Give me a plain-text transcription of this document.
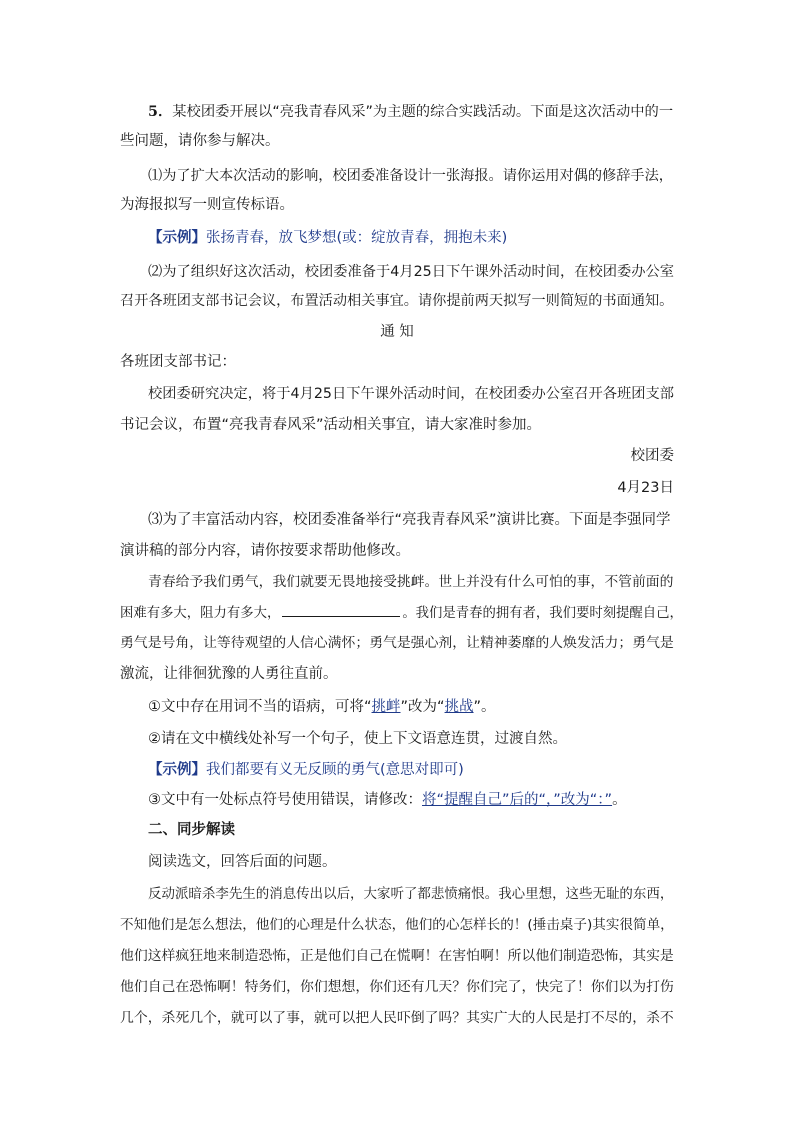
5．某校团委开展以“亮我青春风采”为主题的综合实践活动。下面是这次活动中的一
些问题，请你参与解决。
⑴为了扩大本次活动的影响，校团委准备设计一张海报。请你运用对偶的修辞手法，
为海报拟写一则宣传标语。
【示例】张扬青春，放飞梦想(或：绽放青春，拥抱未来)
⑵为了组织好这次活动，校团委准备于4月25日下午课外活动时间，在校团委办公室
召开各班团支部书记会议，布置活动相关事宜。请你提前两天拟写一则简短的书面通知。
通 知
各班团支部书记：
校团委研究决定，将于4月25日下午课外活动时间，在校团委办公室召开各班团支部
书记会议，布置“亮我青春风采”活动相关事宜，请大家准时参加。
校团委
4月23日
⑶为了丰富活动内容，校团委准备举行“亮我青春风采”演讲比赛。下面是李强同学
演讲稿的部分内容，请你按要求帮助他修改。
青春给予我们勇气，我们就要无畏地接受挑衅。世上并没有什么可怕的事，不管前面的
困难有多大，阻力有多大，	。我们是青春的拥有者，我们要时刻提醒自己，
勇气是号角，让等待观望的人信心满怀；勇气是强心剂，让精神萎靡的人焕发活力；勇气是
激流，让徘徊犹豫的人勇往直前。
①文中存在用词不当的语病，可将“挑衅”改为“挑战”。
②请在文中横线处补写一个句子，使上下文语意连贯，过渡自然。
【示例】我们都要有义无反顾的勇气(意思对即可)
③文中有一处标点符号使用错误，请修改：将“提醒自己”后的“，”改为“：”。
二、同步解读
阅读选文，回答后面的问题。
反动派暗杀李先生的消息传出以后，大家听了都悲愤痛恨。我心里想，这些无耻的东西，
不知他们是怎么想法，他们的心理是什么状态，他们的心怎样长的！(捶击桌子)其实很简单，
他们这样疯狂地来制造恐怖，正是他们自己在慌啊！在害怕啊！所以他们制造恐怖，其实是
他们自己在恐怖啊！特务们，你们想想，你们还有几天？你们完了，快完了！你们以为打伤
几个，杀死几个，就可以了事，就可以把人民吓倒了吗？其实广大的人民是打不尽的，杀不
